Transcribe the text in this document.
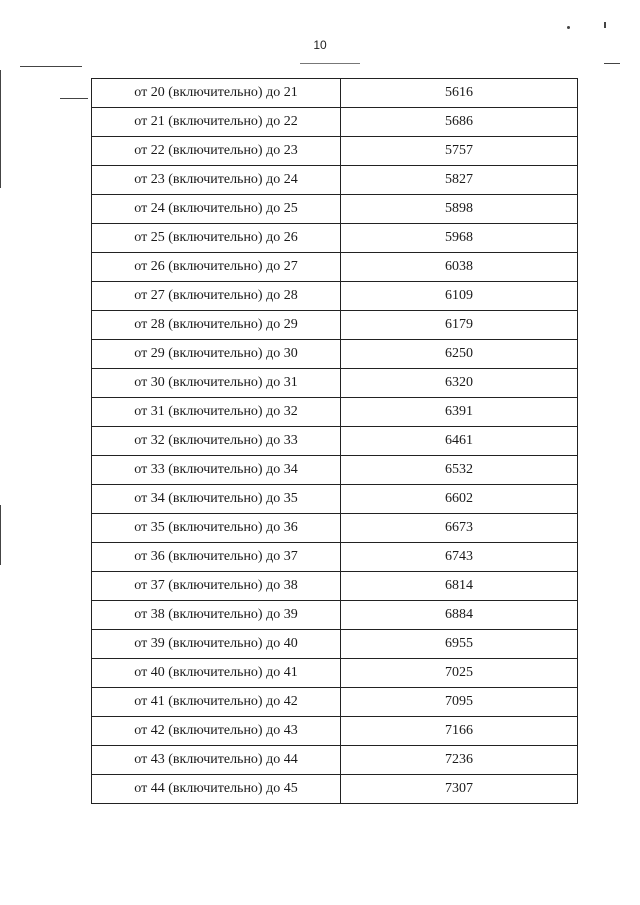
10
от 20 (включительно) до 21	5616
от 21 (включительно) до 22	5686
от 22 (включительно) до 23	5757
от 23 (включительно) до 24	5827
от 24 (включительно) до 25	5898
от 25 (включительно) до 26	5968
от 26 (включительно) до 27	6038
от 27 (включительно) до 28	6109
от 28 (включительно) до 29	6179
от 29 (включительно) до 30	6250
от 30 (включительно) до 31	6320
от 31 (включительно) до 32	6391
от 32 (включительно) до 33	6461
от 33 (включительно) до 34	6532
от 34 (включительно) до 35	6602
от 35 (включительно) до 36	6673
от 36 (включительно) до 37	6743
от 37 (включительно) до 38	6814
от 38 (включительно) до 39	6884
от 39 (включительно) до 40	6955
от 40 (включительно) до 41	7025
от 41 (включительно) до 42	7095
от 42 (включительно) до 43	7166
от 43 (включительно) до 44	7236
от 44 (включительно) до 45	7307
